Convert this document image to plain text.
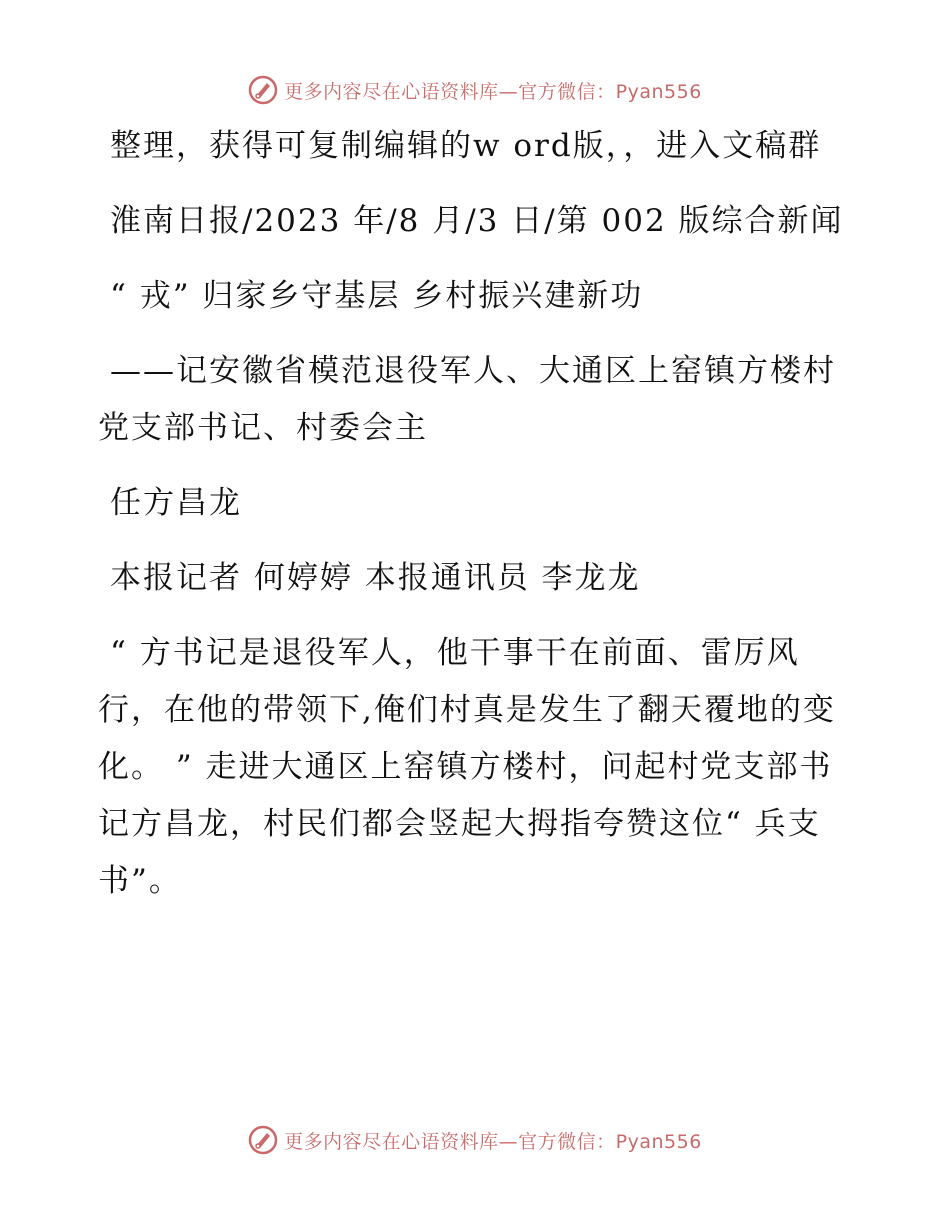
更多内容尽在心语资料库—官方微信：Pyan556

整理，获得可复制编辑的w ord版，，进入文稿群

淮南日报/2023 年/8 月/3 日/第 002 版综合新闻

“ 戎” 归家乡守基层 乡村振兴建新功

——记安徽省模范退役军人、大通区上窑镇方楼村党支部书记、村委会主

任方昌龙

本报记者 何婷婷 本报通讯员 李龙龙

“ 方书记是退役军人，他干事干在前面、雷厉风行，在他的带领下,俺们村真是发生了翻天覆地的变化。 ” 走进大通区上窑镇方楼村，问起村党支部书记方昌龙，村民们都会竖起大拇指夸赞这位“ 兵支书”。

更多内容尽在心语资料库—官方微信：Pyan556
